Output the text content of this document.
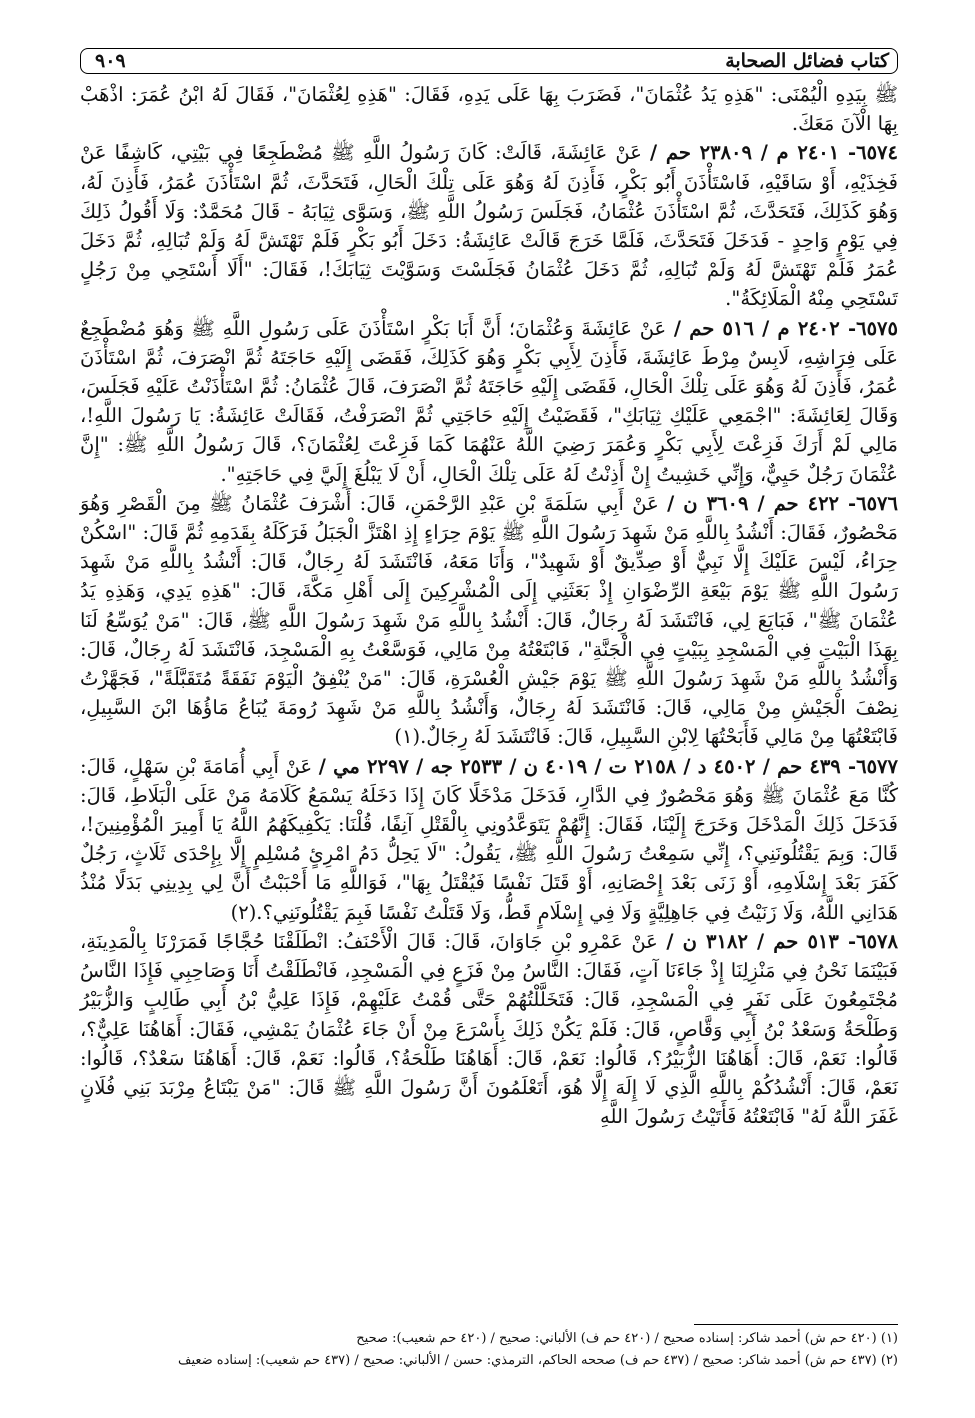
كتاب فضائل الصحابة
٩٠٩

ﷺ بِيَدِهِ الْيُمْنَى: "هَذِهِ يَدُ عُثْمَانَ"، فَضَرَبَ بِهَا عَلَى يَدِهِ، فَقَالَ: "هَذِهِ لِعُثْمَانَ"، فَقَالَ لَهُ ابْنُ عُمَرَ: اذْهَبْ بِهَا الْآنَ مَعَكَ.

٦٥٧٤- ٢٤٠١ م / ٢٣٨٠٩ حم / عَنْ عَائِشَةَ، قَالَتْ: كَانَ رَسُولُ اللَّهِ ﷺ مُضْطَجِعًا فِي بَيْتِي، كَاشِفًا عَنْ فَخِذَيْهِ، أَوْ سَاقَيْهِ، فَاسْتَأْذَنَ أَبُو بَكْرٍ، فَأَذِنَ لَهُ وَهُوَ عَلَى تِلْكَ الْحَالِ، فَتَحَدَّثَ، ثُمَّ اسْتَأْذَنَ عُمَرُ، فَأَذِنَ لَهُ، وَهُوَ كَذَلِكَ، فَتَحَدَّثَ، ثُمَّ اسْتَأْذَنَ عُثْمَانُ، فَجَلَسَ رَسُولُ اللَّهِ ﷺ، وَسَوَّى ثِيَابَهُ - قَالَ مُحَمَّدٌ: وَلَا أَقُولُ ذَلِكَ فِي يَوْمٍ وَاحِدٍ - فَدَخَلَ فَتَحَدَّثَ، فَلَمَّا خَرَجَ قَالَتْ عَائِشَةُ: دَخَلَ أَبُو بَكْرٍ فَلَمْ تَهْتَشَّ لَهُ وَلَمْ تُبَالِهِ، ثُمَّ دَخَلَ عُمَرُ فَلَمْ تَهْتَشَّ لَهُ وَلَمْ تُبَالِهِ، ثُمَّ دَخَلَ عُثْمَانُ فَجَلَسْتَ وَسَوَّيْتَ ثِيَابَكَ!، فَقَالَ: "أَلَا أَسْتَحِي مِنْ رَجُلٍ تَسْتَحِي مِنْهُ الْمَلَائِكَةُ".

٦٥٧٥- ٢٤٠٢ م / ٥١٦ حم / عَنْ عَائِشَةَ وَعُثْمَانَ؛ أَنَّ أَبَا بَكْرٍ اسْتَأْذَنَ عَلَى رَسُولِ اللَّهِ ﷺ وَهُوَ مُضْطَجِعٌ عَلَى فِرَاشِهِ، لَابِسٌ مِرْطَ عَائِشَةَ، فَأَذِنَ لِأَبِي بَكْرٍ وَهُوَ كَذَلِكَ، فَقَضَى إِلَيْهِ حَاجَتَهُ ثُمَّ انْصَرَفَ، ثُمَّ اسْتَأْذَنَ عُمَرُ، فَأَذِنَ لَهُ وَهُوَ عَلَى تِلْكَ الْحَالِ، فَقَضَى إِلَيْهِ حَاجَتَهُ ثُمَّ انْصَرَفَ، قَالَ عُثْمَانُ: ثُمَّ اسْتَأْذَنْتُ عَلَيْهِ فَجَلَسَ، وَقَالَ لِعَائِشَةَ: "اجْمَعِي عَلَيْكِ ثِيَابَكِ"، فَقَضَيْتُ إِلَيْهِ حَاجَتِي ثُمَّ انْصَرَفْتُ، فَقَالَتْ عَائِشَةُ: يَا رَسُولَ اللَّهِ!، مَالِي لَمْ أَرَكَ فَزِعْتَ لِأَبِي بَكْرٍ وَعُمَرَ رَضِيَ اللَّهُ عَنْهُمَا كَمَا فَزِعْتَ لِعُثْمَانَ؟، قَالَ رَسُولُ اللَّهِ ﷺ: "إِنَّ عُثْمَانَ رَجُلٌ حَيِيٌّ، وَإِنِّي خَشِيتُ إِنْ أَذِنْتُ لَهُ عَلَى تِلْكَ الْحَالِ، أَنْ لَا يَبْلُغَ إِلَيَّ فِي حَاجَتِهِ".

٦٥٧٦- ٤٢٢ حم / ٣٦٠٩ ن / عَنْ أَبِي سَلَمَةَ بْنِ عَبْدِ الرَّحْمَنِ، قَالَ: أَشْرَفَ عُثْمَانُ ﷺ مِنَ الْقَصْرِ وَهُوَ مَحْصُورٌ، فَقَالَ: أَنْشُدُ بِاللَّهِ مَنْ شَهِدَ رَسُولَ اللَّهِ ﷺ يَوْمَ حِرَاءٍ إِذِ اهْتَزَّ الْجَبَلُ فَرَكَلَهُ بِقَدَمِهِ ثُمَّ قَالَ: "اسْكُنْ حِرَاءُ، لَيْسَ عَلَيْكَ إِلَّا نَبِيٌّ أَوْ صِدِّيقٌ أَوْ شَهِيدٌ"، وَأَنَا مَعَهُ، فَانْتَشَدَ لَهُ رِجَالٌ، قَالَ: أَنْشُدُ بِاللَّهِ مَنْ شَهِدَ رَسُولَ اللَّهِ ﷺ يَوْمَ بَيْعَةِ الرِّضْوَانِ إِذْ بَعَثَنِي إِلَى الْمُشْرِكِينَ إِلَى أَهْلِ مَكَّةَ، قَالَ: "هَذِهِ يَدِي، وَهَذِهِ يَدُ عُثْمَانَ ﷺ"، فَبَايَعَ لِي، فَانْتَشَدَ لَهُ رِجَالٌ، قَالَ: أَنْشُدُ بِاللَّهِ مَنْ شَهِدَ رَسُولَ اللَّهِ ﷺ، قَالَ: "مَنْ يُوَسِّعُ لَنَا بِهَذَا الْبَيْتِ فِي الْمَسْجِدِ بِبَيْتٍ فِي الْجَنَّةِ"، فَابْتَعْتُهُ مِنْ مَالِي، فَوَسَّعْتُ بِهِ الْمَسْجِدَ، فَانْتَشَدَ لَهُ رِجَالٌ، قَالَ: وَأَنْشُدُ بِاللَّهِ مَنْ شَهِدَ رَسُولَ اللَّهِ ﷺ يَوْمَ جَيْشِ الْعُسْرَةِ، قَالَ: "مَنْ يُنْفِقُ الْيَوْمَ نَفَقَةً مُتَقَبَّلَةً"، فَجَهَّزْتُ نِصْفَ الْجَيْشِ مِنْ مَالِي، قَالَ: فَانْتَشَدَ لَهُ رِجَالٌ، وَأَنْشُدُ بِاللَّهِ مَنْ شَهِدَ رُومَةَ يُبَاعُ مَاؤُهَا ابْنَ السَّبِيلِ، فَابْتَعْتُهَا مِنْ مَالِي فَأَبَحْتُهَا لِابْنِ السَّبِيلِ، قَالَ: فَانْتَشَدَ لَهُ رِجَالٌ.(١)

٦٥٧٧- ٤٣٩ حم / ٤٥٠٢ د / ٢١٥٨ ت / ٤٠١٩ ن / ٢٥٣٣ جه / ٢٢٩٧ مي / عَنْ أَبِي أُمَامَةَ بْنِ سَهْلٍ، قَالَ: كُنَّا مَعَ عُثْمَانَ ﷺ وَهُوَ مَحْصُورٌ فِي الدَّارِ، فَدَخَلَ مَدْخَلًا كَانَ إِذَا دَخَلَهُ يَسْمَعُ كَلَامَهُ مَنْ عَلَى الْبَلَاطِ، قَالَ: فَدَخَلَ ذَلِكَ الْمَدْخَلَ وَخَرَجَ إِلَيْنَا، فَقَالَ: إِنَّهُمْ يَتَوَعَّدُونِي بِالْقَتْلِ آنِفًا، قُلْنَا: يَكْفِيكَهُمُ اللَّهُ يَا أَمِيرَ الْمُؤْمِنِينَ!، قَالَ: وَبِمَ يَقْتُلُونَنِي؟، إِنِّي سَمِعْتُ رَسُولَ اللَّهِ ﷺ، يَقُولُ: "لَا يَحِلُّ دَمُ امْرِئٍ مُسْلِمٍ إِلَّا بِإِحْدَى ثَلَاثٍ، رَجُلٌ كَفَرَ بَعْدَ إِسْلَامِهِ، أَوْ زَنَى بَعْدَ إِحْصَانِهِ، أَوْ قَتَلَ نَفْسًا فَيُقْتَلُ بِهَا"، فَوَاللَّهِ مَا أَحْبَبْتُ أَنَّ لِي بِدِينِي بَدَلًا مُنْذُ هَدَانِي اللَّهُ، وَلَا زَنَيْتُ فِي جَاهِلِيَّةٍ وَلَا فِي إِسْلَامٍ قَطُّ، وَلَا قَتَلْتُ نَفْسًا فَبِمَ يَقْتُلُونَنِي؟.(٢)

٦٥٧٨- ٥١٣ حم / ٣١٨٢ ن / عَنْ عَمْرِو بْنِ جَاوَانَ، قَالَ: قَالَ الْأَحْنَفُ: انْطَلَقْنَا حُجَّاجًا فَمَرَرْنَا بِالْمَدِينَةِ، فَبَيْنَمَا نَحْنُ فِي مَنْزِلِنَا إِذْ جَاءَنَا آتٍ، فَقَالَ: النَّاسُ مِنْ فَزَعٍ فِي الْمَسْجِدِ، فَانْطَلَقْتُ أَنَا وَصَاحِبِي فَإِذَا النَّاسُ مُجْتَمِعُونَ عَلَى نَفَرٍ فِي الْمَسْجِدِ، قَالَ: فَتَخَلَّلْتُهُمْ حَتَّى قُمْتُ عَلَيْهِمْ، فَإِذَا عَلِيُّ بْنُ أَبِي طَالِبٍ وَالزُّبَيْرُ وَطَلْحَةُ وَسَعْدُ بْنُ أَبِي وَقَّاصٍ، قَالَ: فَلَمْ يَكُنْ ذَلِكَ بِأَسْرَعَ مِنْ أَنْ جَاءَ عُثْمَانُ يَمْشِي، فَقَالَ: أَهَاهُنَا عَلِيٌّ؟، قَالُوا: نَعَمْ، قَالَ: أَهَاهُنَا الزُّبَيْرُ؟، قَالُوا: نَعَمْ، قَالَ: أَهَاهُنَا طَلْحَةُ؟، قَالُوا: نَعَمْ، قَالَ: أَهَاهُنَا سَعْدٌ؟، قَالُوا: نَعَمْ، قَالَ: أَنْشُدُكُمْ بِاللَّهِ الَّذِي لَا إِلَهَ إِلَّا هُوَ، أَتَعْلَمُونَ أَنَّ رَسُولَ اللَّهِ ﷺ قَالَ: "مَنْ يَبْتَاعُ مِرْبَدَ بَنِي فُلَانٍ غَفَرَ اللَّهُ لَهُ" فَابْتَعْتُهُ فَأَتَيْتُ رَسُولَ اللَّهِ

(١) (٤٢٠ حم ش) أحمد شاكر: إسناده صحيح / (٤٢٠ حم ف) الألباني: صحيح / (٤٢٠ حم شعيب): صحيح

(٢) (٤٣٧ حم ش) أحمد شاكر: صحيح / (٤٣٧ حم ف) صححه الحاكم، الترمذي: حسن / الألباني: صحيح / (٤٣٧ حم شعيب): إسناده ضعيف
